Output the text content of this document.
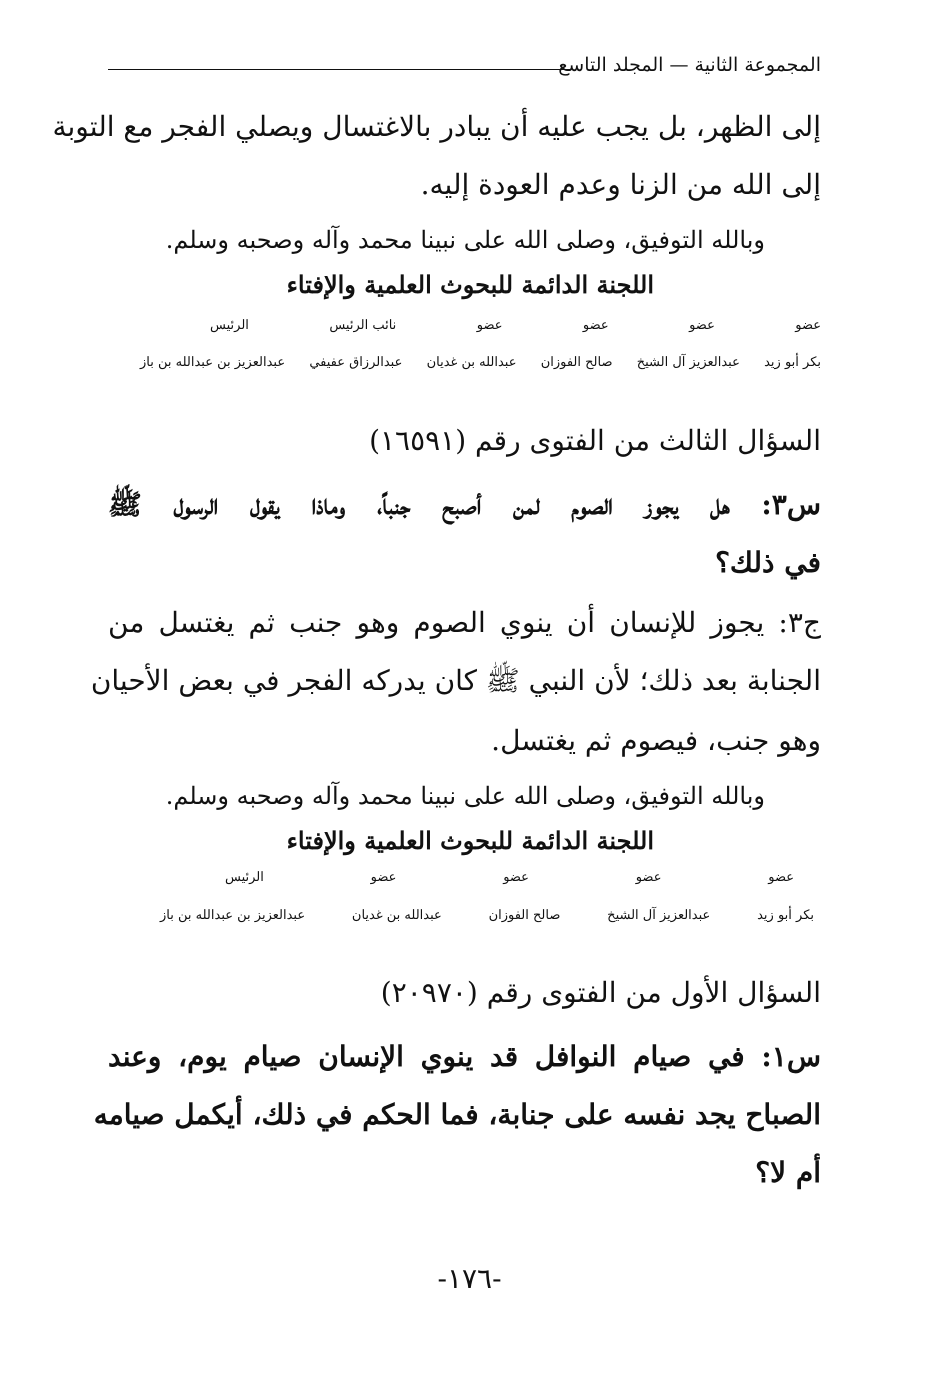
المجموعة الثانية — المجلد التاسع
إلى الظهر، بل يجب عليه أن يبادر بالاغتسال ويصلي الفجر مع التوبة
إلى الله من الزنا وعدم العودة إليه.
وبالله التوفيق، وصلى الله على نبينا محمد وآله وصحبه وسلم.
اللجنة الدائمة للبحوث العلمية والإفتاء
عضو
عضو
عضو
عضو
نائب الرئيس
الرئيس
بكر أبو زيد
عبدالعزيز آل الشيخ
صالح الفوزان
عبدالله بن غديان
عبدالرزاق عفيفي
عبدالعزيز بن عبدالله بن باز
السؤال الثالث من الفتوى رقم (١٦٥٩١)
س٣: هل يجوز الصوم لمن أصبح جنباً، وماذا يقول الرسول ﷺ
في ذلك؟
ج٣: يجوز للإنسان أن ينوي الصوم وهو جنب ثم يغتسل من
الجنابة بعد ذلك؛ لأن النبي ﷺ كان يدركه الفجر في بعض الأحيان
وهو جنب، فيصوم ثم يغتسل.
وبالله التوفيق، وصلى الله على نبينا محمد وآله وصحبه وسلم.
اللجنة الدائمة للبحوث العلمية والإفتاء
عضو
عضو
عضو
عضو
الرئيس
بكر أبو زيد
عبدالعزيز آل الشيخ
صالح الفوزان
عبدالله بن غديان
عبدالعزيز بن عبدالله بن باز
السؤال الأول من الفتوى رقم (٢٠٩٧٠)
س١: في صيام النوافل قد ينوي الإنسان صيام يوم، وعند
الصباح يجد نفسه على جنابة، فما الحكم في ذلك، أيكمل صيامه
أم لا؟
-١٧٦-
